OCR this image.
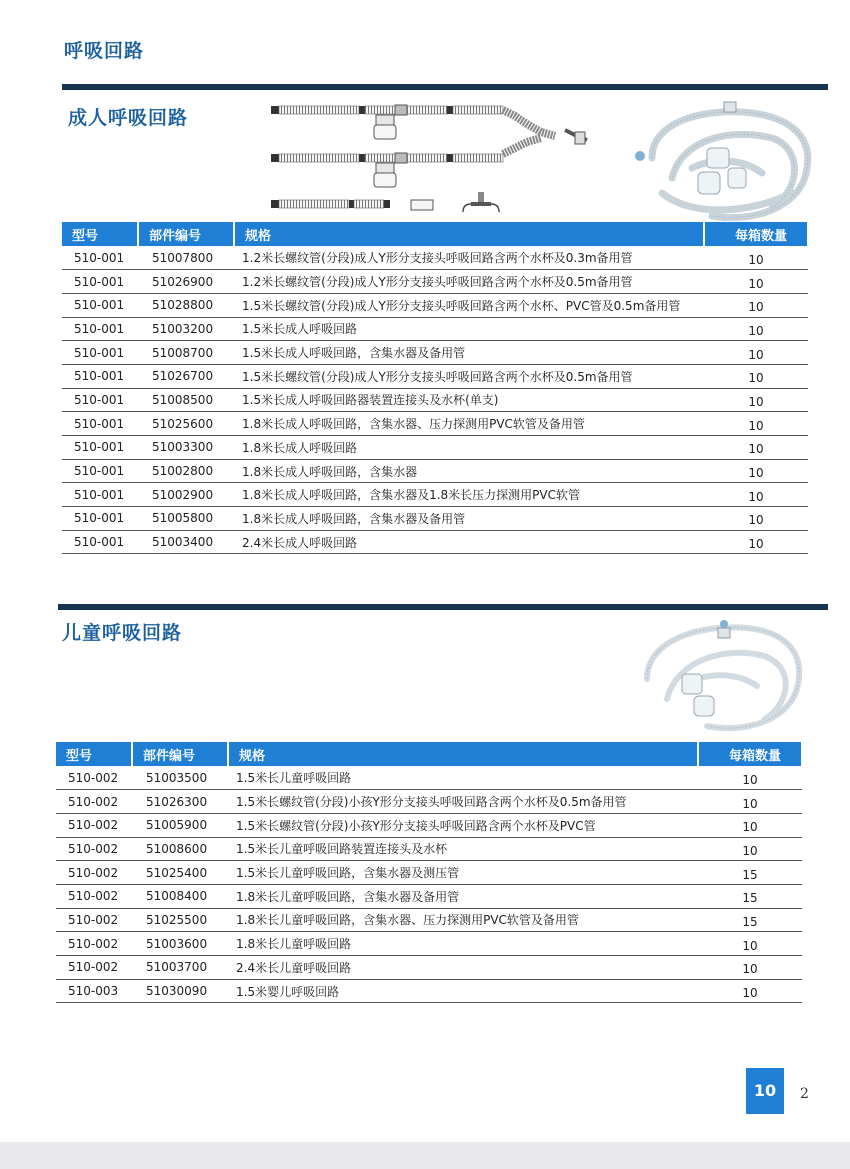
呼吸回路
成人呼吸回路
型号	部件编号	规格	每箱数量
510-001	51007800	1.2米长螺纹管(分段)成人Y形分支接头呼吸回路含两个水杯及0.3m备用管	10
510-001	51026900	1.2米长螺纹管(分段)成人Y形分支接头呼吸回路含两个水杯及0.5m备用管	10
510-001	51028800	1.5米长螺纹管(分段)成人Y形分支接头呼吸回路含两个水杯、PVC管及0.5m备用管	10
510-001	51003200	1.5米长成人呼吸回路	10
510-001	51008700	1.5米长成人呼吸回路，含集水器及备用管	10
510-001	51026700	1.5米长螺纹管(分段)成人Y形分支接头呼吸回路含两个水杯及0.5m备用管	10
510-001	51008500	1.5米长成人呼吸回路器装置连接头及水杯(单支)	10
510-001	51025600	1.8米长成人呼吸回路，含集水器、压力探测用PVC软管及备用管	10
510-001	51003300	1.8米长成人呼吸回路	10
510-001	51002800	1.8米长成人呼吸回路，含集水器	10
510-001	51002900	1.8米长成人呼吸回路，含集水器及1.8米长压力探测用PVC软管	10
510-001	51005800	1.8米长成人呼吸回路，含集水器及备用管	10
510-001	51003400	2.4米长成人呼吸回路	10
儿童呼吸回路
型号	部件编号	规格	每箱数量
510-002	51003500	1.5米长儿童呼吸回路	10
510-002	51026300	1.5米长螺纹管(分段)小孩Y形分支接头呼吸回路含两个水杯及0.5m备用管	10
510-002	51005900	1.5米长螺纹管(分段)小孩Y形分支接头呼吸回路含两个水杯及PVC管	10
510-002	51008600	1.5米长儿童呼吸回路装置连接头及水杯	10
510-002	51025400	1.5米长儿童呼吸回路，含集水器及测压管	15
510-002	51008400	1.8米长儿童呼吸回路，含集水器及备用管	15
510-002	51025500	1.8米长儿童呼吸回路，含集水器、压力探测用PVC软管及备用管	15
510-002	51003600	1.8米长儿童呼吸回路	10
510-002	51003700	2.4米长儿童呼吸回路	10
510-003	51030090	1.5米婴儿呼吸回路	10
10	2
